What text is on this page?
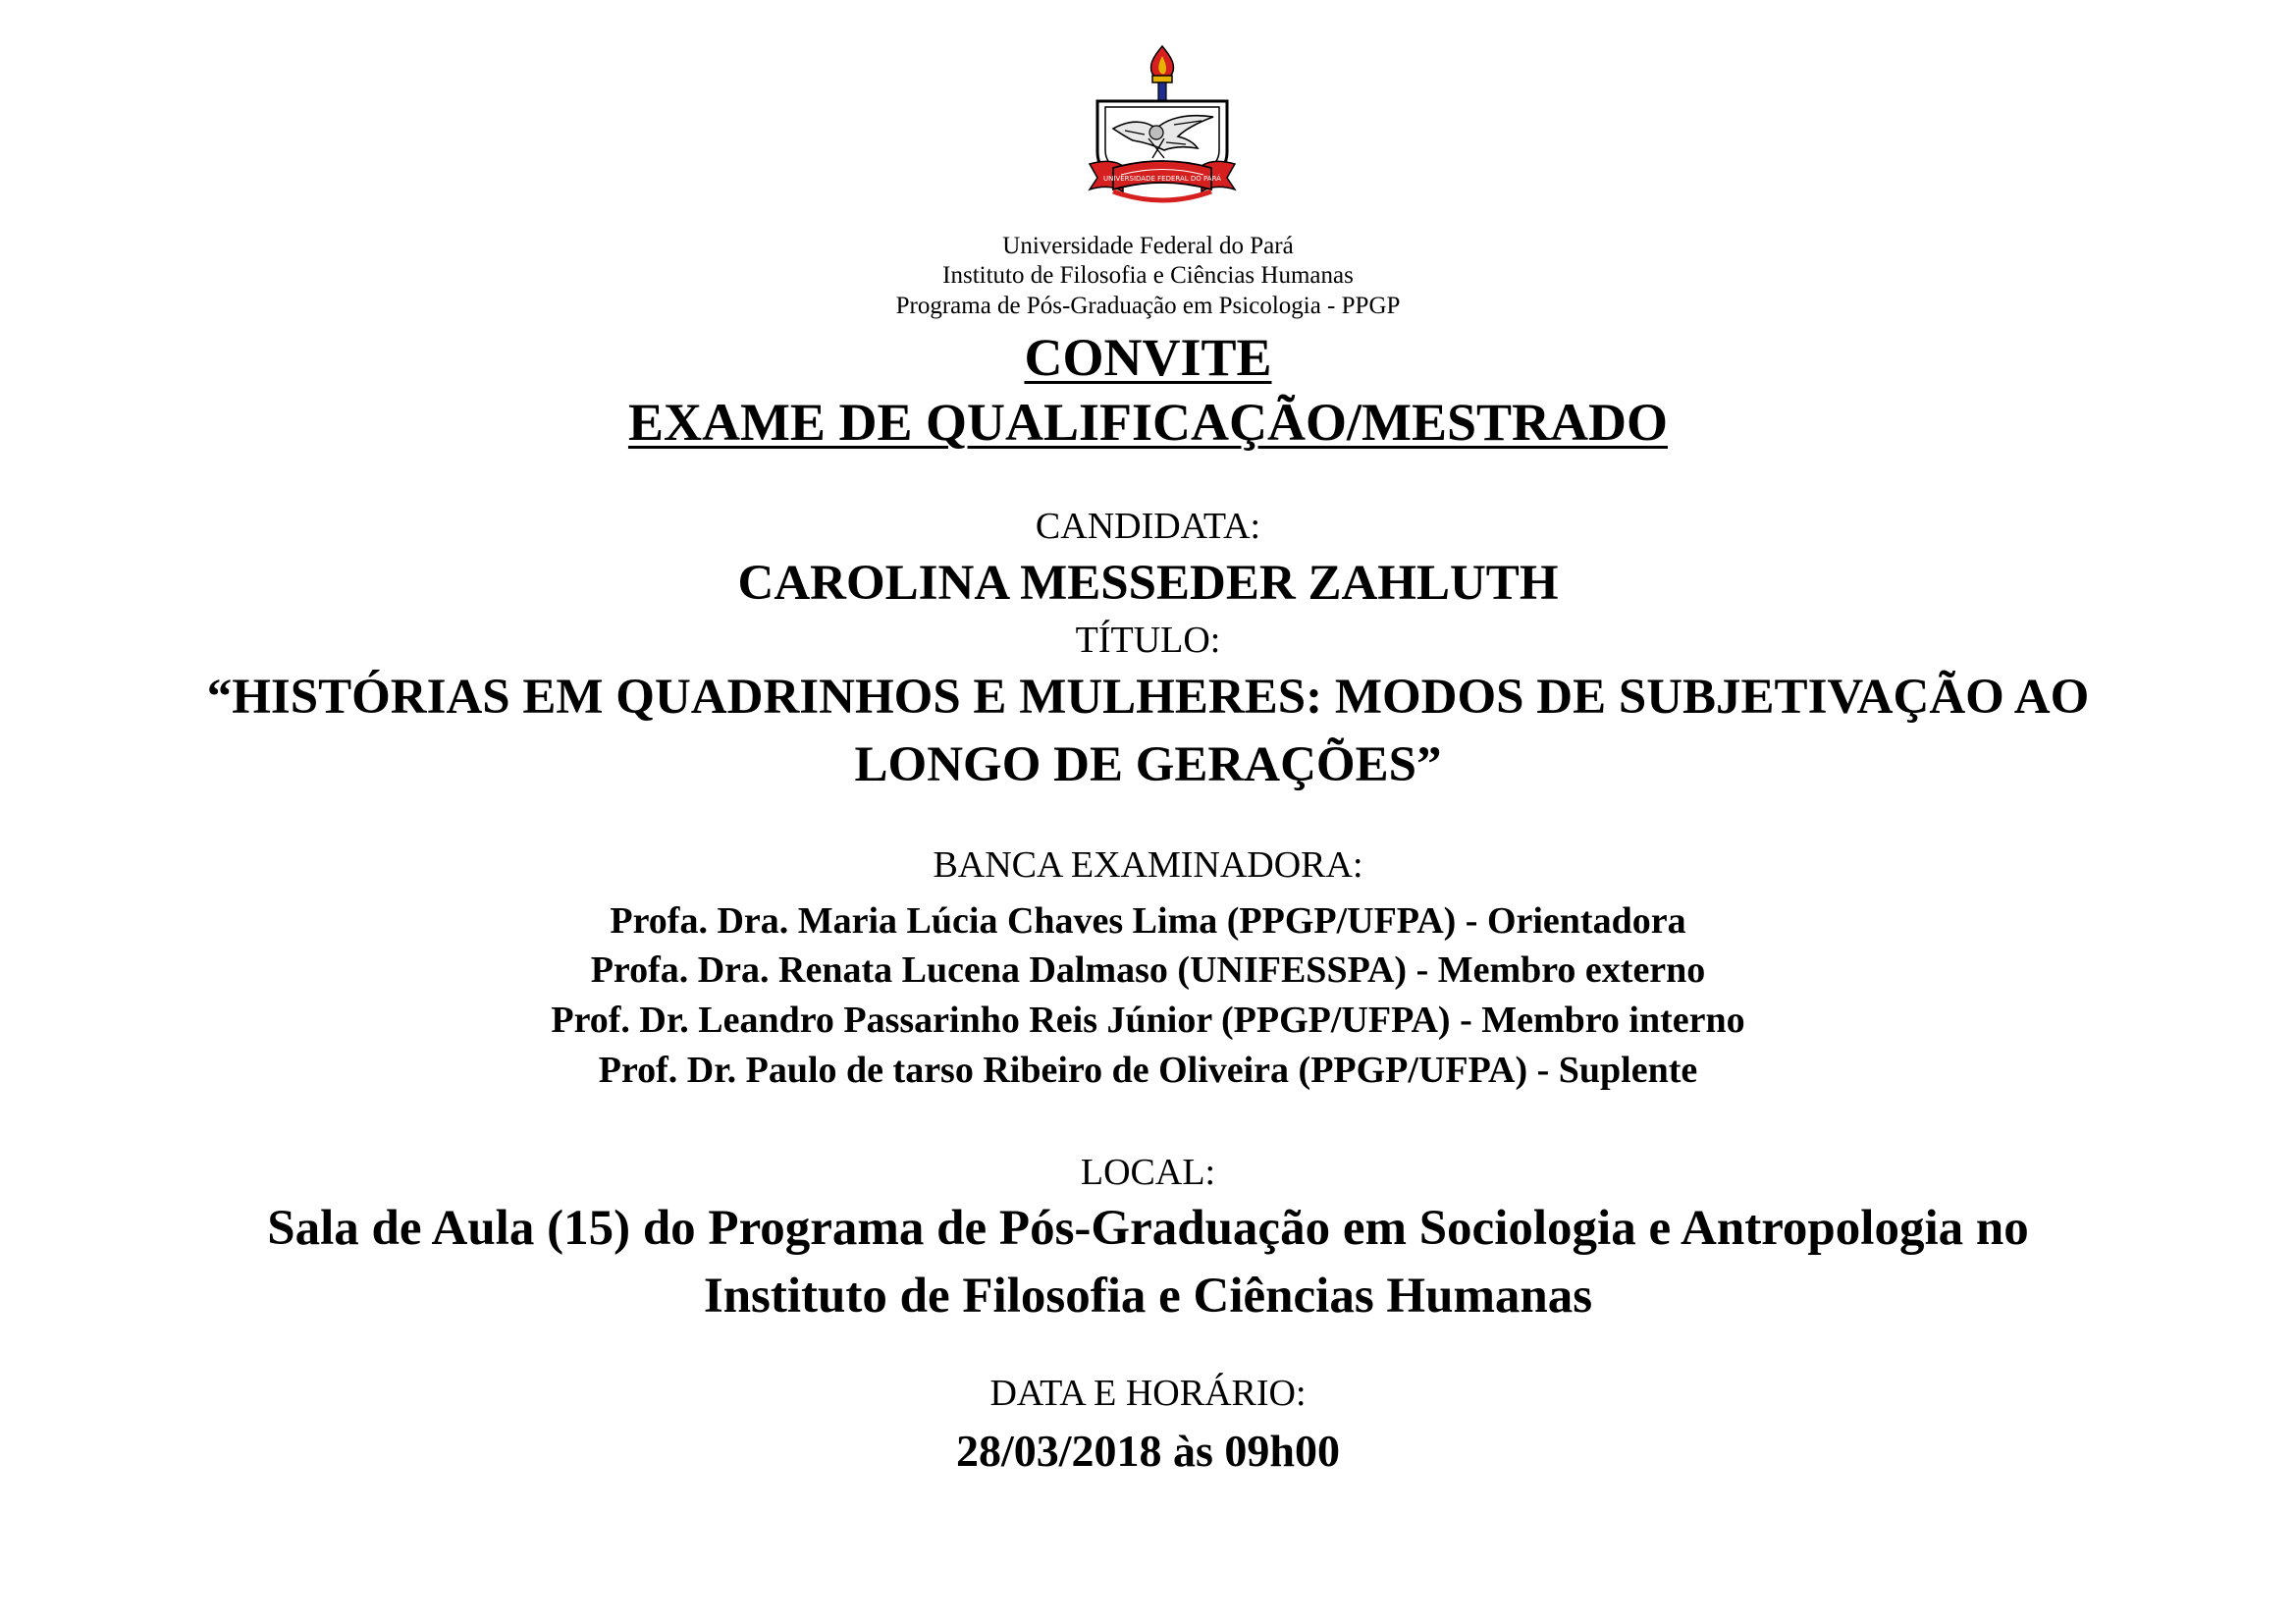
UNIVERSIDADE FEDERAL DO PARÁ
Universidade Federal do Pará
Instituto de Filosofia e Ciências Humanas
Programa de Pós-Graduação em Psicologia - PPGP
CONVITE
EXAME DE QUALIFICAÇÃO/MESTRADO
CANDIDATA:
CAROLINA MESSEDER ZAHLUTH
TÍTULO:
“HISTÓRIAS EM QUADRINHOS E MULHERES: MODOS DE SUBJETIVAÇÃO AO
LONGO DE GERAÇÕES”
BANCA EXAMINADORA:
Profa. Dra. Maria Lúcia Chaves Lima (PPGP/UFPA) - Orientadora
Profa. Dra. Renata Lucena Dalmaso (UNIFESSPA) - Membro externo
Prof. Dr. Leandro Passarinho Reis Júnior (PPGP/UFPA) - Membro interno
Prof. Dr. Paulo de tarso Ribeiro de Oliveira (PPGP/UFPA) - Suplente
LOCAL:
Sala de Aula (15) do Programa de Pós-Graduação em Sociologia e Antropologia no
Instituto de Filosofia e Ciências Humanas
DATA E HORÁRIO:
28/03/2018 às 09h00
